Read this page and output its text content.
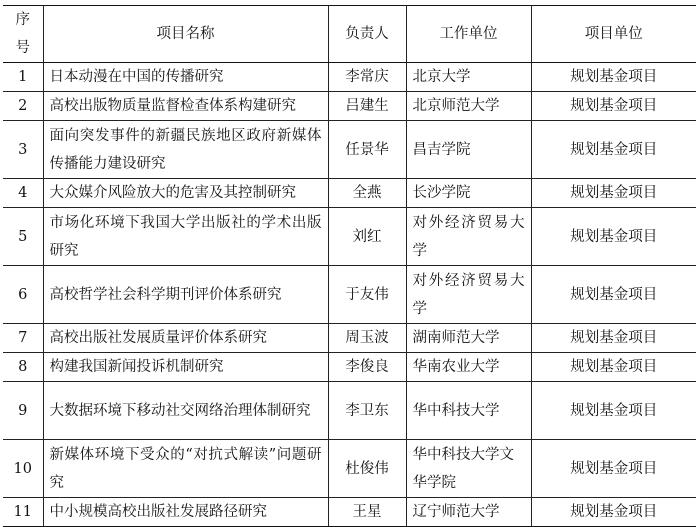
序号	项目名称	负责人	工作单位	项目单位
1	日本动漫在中国的传播研究	李常庆	北京大学	规划基金项目
2	高校出版物质量监督检查体系构建研究	吕建生	北京师范大学	规划基金项目
3	面向突发事件的新疆民族地区政府新媒体传播能力建设研究	任景华	昌吉学院	规划基金项目
4	大众媒介风险放大的危害及其控制研究	全燕	长沙学院	规划基金项目
5	市场化环境下我国大学出版社的学术出版研究	刘红	对外经济贸易大学	规划基金项目
6	高校哲学社会科学期刊评价体系研究	于友伟	对外经济贸易大学	规划基金项目
7	高校出版社发展质量评价体系研究	周玉波	湖南师范大学	规划基金项目
8	构建我国新闻投诉机制研究	李俊良	华南农业大学	规划基金项目
9	大数据环境下移动社交网络治理体制研究	李卫东	华中科技大学	规划基金项目
10	新媒体环境下受众的“对抗式解读”问题研究	杜俊伟	华中科技大学文华学院	规划基金项目
11	中小规模高校出版社发展路径研究	王星	辽宁师范大学	规划基金项目
